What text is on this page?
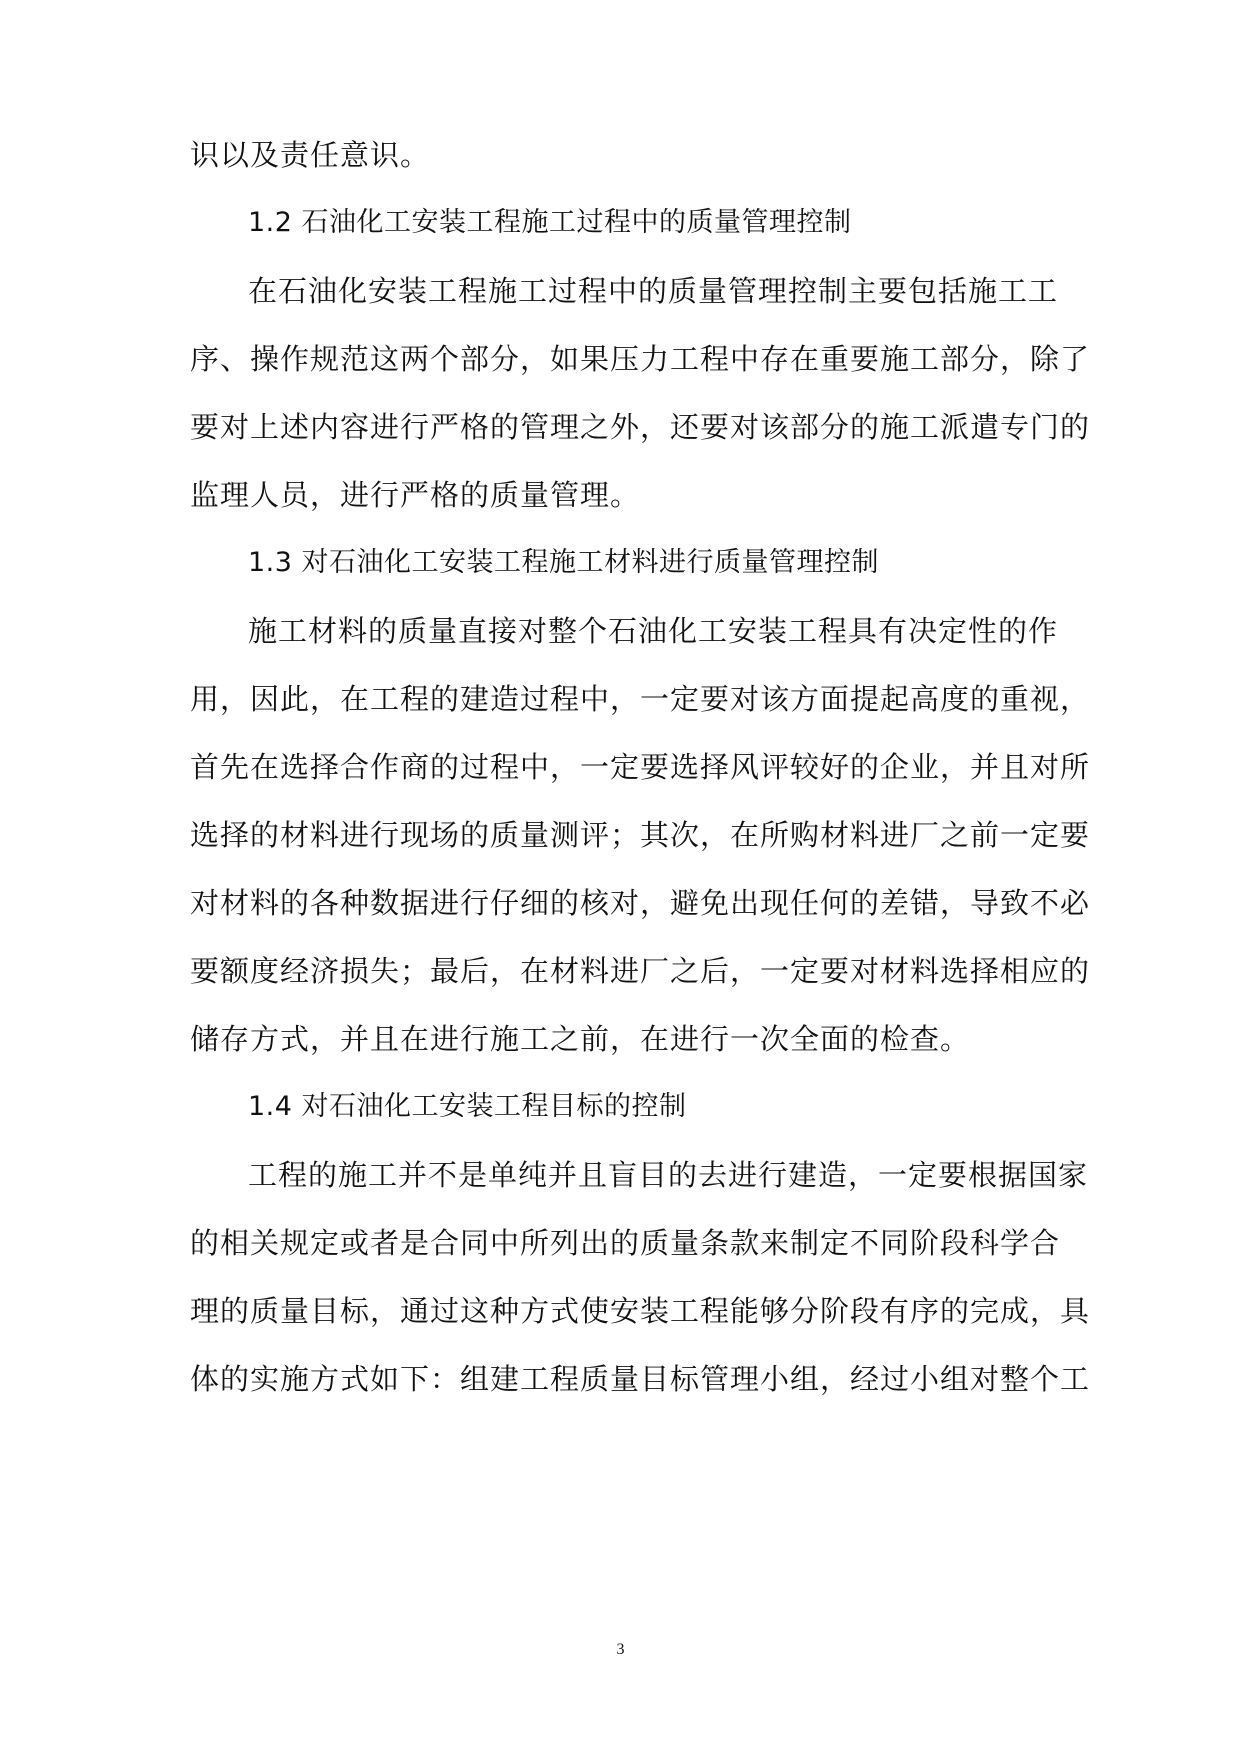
识以及责任意识。
1.2 石油化工安装工程施工过程中的质量管理控制
在石油化安装工程施工过程中的质量管理控制主要包括施工工
序、操作规范这两个部分，如果压力工程中存在重要施工部分，除了
要对上述内容进行严格的管理之外，还要对该部分的施工派遣专门的
监理人员，进行严格的质量管理。
1.3 对石油化工安装工程施工材料进行质量管理控制
施工材料的质量直接对整个石油化工安装工程具有决定性的作
用，因此，在工程的建造过程中，一定要对该方面提起高度的重视，
首先在选择合作商的过程中，一定要选择风评较好的企业，并且对所
选择的材料进行现场的质量测评；其次，在所购材料进厂之前一定要
对材料的各种数据进行仔细的核对，避免出现任何的差错，导致不必
要额度经济损失；最后，在材料进厂之后，一定要对材料选择相应的
储存方式，并且在进行施工之前，在进行一次全面的检查。
1.4 对石油化工安装工程目标的控制
工程的施工并不是单纯并且盲目的去进行建造，一定要根据国家
的相关规定或者是合同中所列出的质量条款来制定不同阶段科学合
理的质量目标，通过这种方式使安装工程能够分阶段有序的完成，具
体的实施方式如下：组建工程质量目标管理小组，经过小组对整个工
3
